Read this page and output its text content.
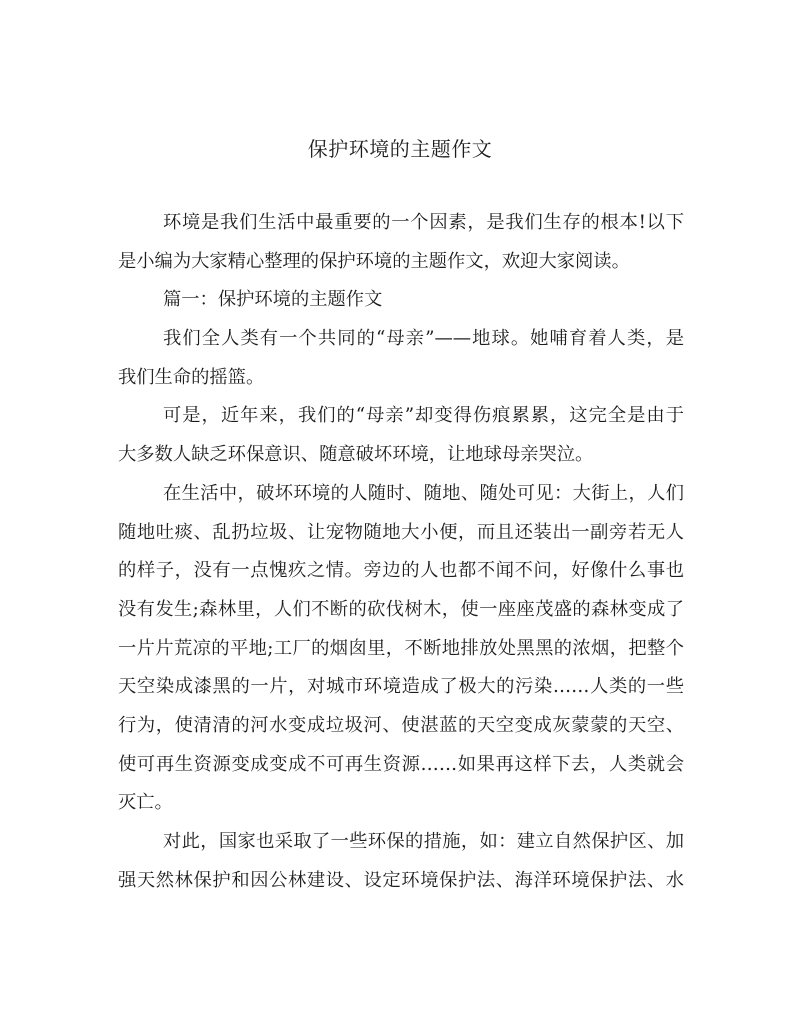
保护环境的主题作文
环境是我们生活中最重要的一个因素，是我们生存的根本!以下
是小编为大家精心整理的保护环境的主题作文，欢迎大家阅读。
篇一：保护环境的主题作文
我们全人类有一个共同的“母亲”——地球。她哺育着人类，是
我们生命的摇篮。
可是，近年来，我们的“母亲”却变得伤痕累累，这完全是由于
大多数人缺乏环保意识、随意破坏环境，让地球母亲哭泣。
在生活中，破坏环境的人随时、随地、随处可见：大街上，人们
随地吐痰、乱扔垃圾、让宠物随地大小便，而且还装出一副旁若无人
的样子，没有一点愧疚之情。旁边的人也都不闻不问，好像什么事也
没有发生;森林里，人们不断的砍伐树木，使一座座茂盛的森林变成了
一片片荒凉的平地;工厂的烟囱里，不断地排放处黑黑的浓烟，把整个
天空染成漆黑的一片，对城市环境造成了极大的污染……人类的一些
行为，使清清的河水变成垃圾河、使湛蓝的天空变成灰蒙蒙的天空、
使可再生资源变成变成不可再生资源……如果再这样下去，人类就会
灭亡。
对此，国家也采取了一些环保的措施，如：建立自然保护区、加
强天然林保护和因公林建设、设定环境保护法、海洋环境保护法、水
